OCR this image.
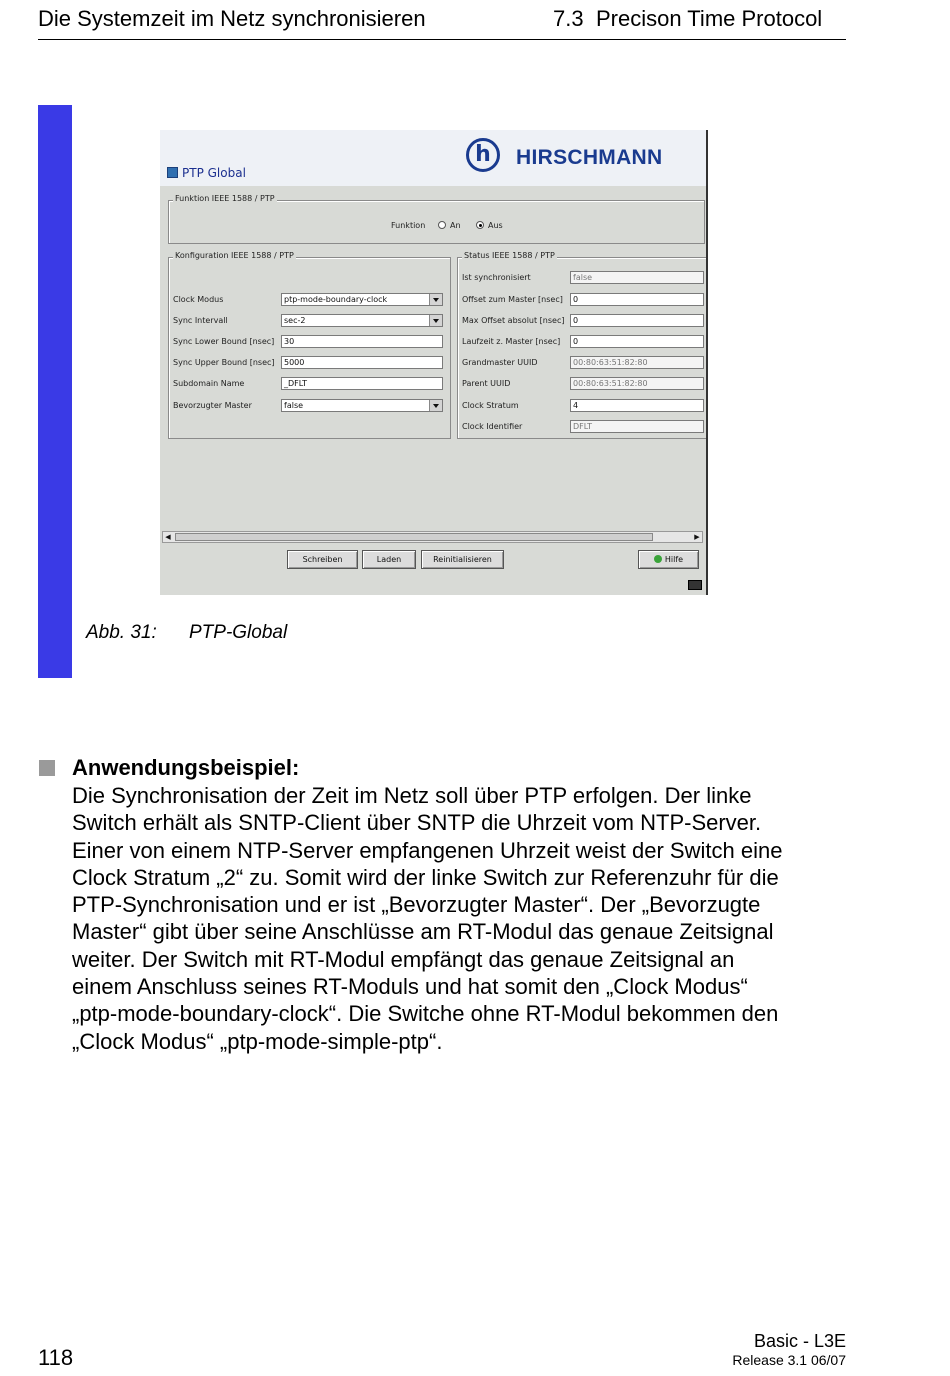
Die Systemzeit im Netz synchronisieren	7.3 Precison Time Protocol
PTP Global
h	HIRSCHMANN
Funktion IEEE 1588 / PTP
Funktion	An	Aus
Konfiguration IEEE 1588 / PTP
Clock Modus	ptp-mode-boundary-clock
Sync Intervall	sec-2
Sync Lower Bound [nsec]	30
Sync Upper Bound [nsec]	5000
Subdomain Name	_DFLT
Bevorzugter Master	false
Status IEEE 1588 / PTP
Ist synchronisiert	false
Offset zum Master [nsec]	0
Max Offset absolut [nsec]	0
Laufzeit z. Master [nsec]	0
Grandmaster UUID	00:80:63:51:82:80
Parent UUID	00:80:63:51:82:80
Clock Stratum	4
Clock Identifier	DFLT
◀	▶
Schreiben	Laden	Reinitialisieren	Hilfe
Abb. 31: PTP-Global
Anwendungsbeispiel:
Die Synchronisation der Zeit im Netz soll über PTP erfolgen. Der linke
Switch erhält als SNTP-Client über SNTP die Uhrzeit vom NTP-Server.
Einer von einem NTP-Server empfangenen Uhrzeit weist der Switch eine
Clock Stratum „2“ zu. Somit wird der linke Switch zur Referenzuhr für die
PTP-Synchronisation und er ist „Bevorzugter Master“. Der „Bevorzugte
Master“ gibt über seine Anschlüsse am RT-Modul das genaue Zeitsignal
weiter. Der Switch mit RT-Modul empfängt das genaue Zeitsignal an
einem Anschluss seines RT-Moduls und hat somit den „Clock Modus“
„ptp-mode-boundary-clock“. Die Switche ohne RT-Modul bekommen den
„Clock Modus“ „ptp-mode-simple-ptp“.
118
Basic - L3E
Release 3.1 06/07
